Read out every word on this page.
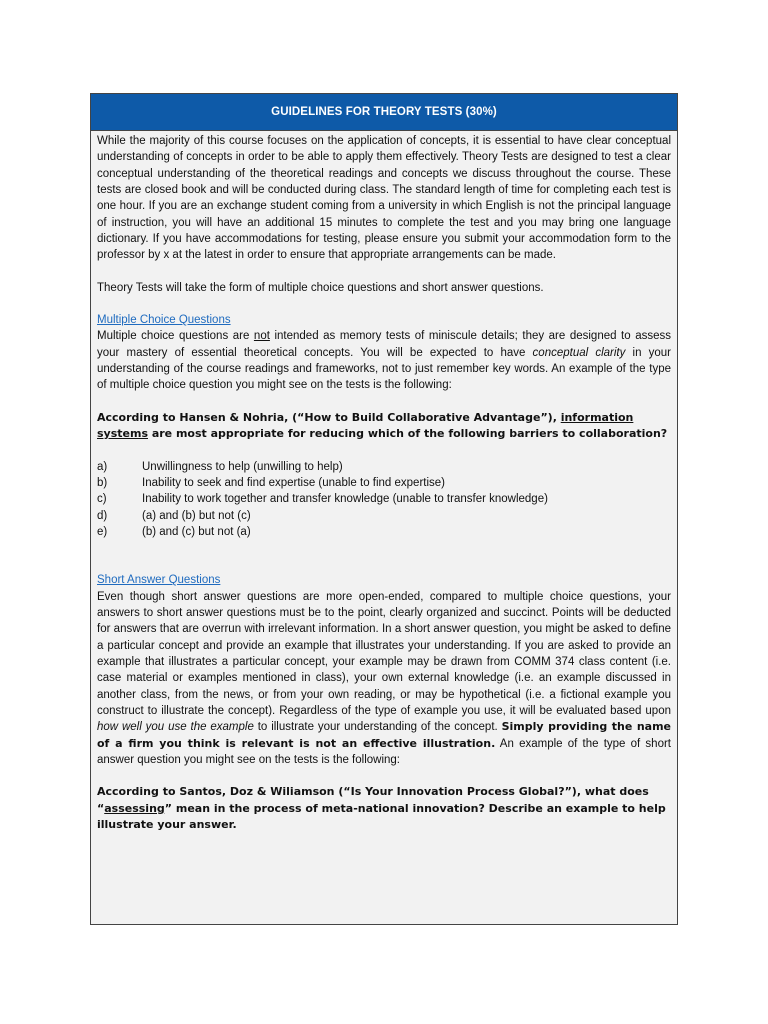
GUIDELINES FOR THEORY TESTS (30%)

While the majority of this course focuses on the application of concepts, it is essential to have clear conceptual understanding of concepts in order to be able to apply them effectively. Theory Tests are designed to test a clear conceptual understanding of the theoretical readings and concepts we discuss throughout the course. These tests are closed book and will be conducted during class. The standard length of time for completing each test is one hour. If you are an exchange student coming from a university in which English is not the principal language of instruction, you will have an additional 15 minutes to complete the test and you may bring one language dictionary. If you have accommodations for testing, please ensure you submit your accommodation form to the professor by x at the latest in order to ensure that appropriate arrangements can be made.

Theory Tests will take the form of multiple choice questions and short answer questions.

Multiple Choice Questions

Multiple choice questions are not intended as memory tests of miniscule details; they are designed to assess your mastery of essential theoretical concepts. You will be expected to have conceptual clarity in your understanding of the course readings and frameworks, not to just remember key words. An example of the type of multiple choice question you might see on the tests is the following:

According to Hansen & Nohria, (“How to Build Collaborative Advantage”), information systems are most appropriate for reducing which of the following barriers to collaboration?

a)	Unwillingness to help (unwilling to help)
b)	Inability to seek and find expertise (unable to find expertise)
c)	Inability to work together and transfer knowledge (unable to transfer knowledge)
d)	(a) and (b) but not (c)
e)	(b) and (c) but not (a)
Short Answer Questions

Even though short answer questions are more open-ended, compared to multiple choice questions, your answers to short answer questions must be to the point, clearly organized and succinct. Points will be deducted for answers that are overrun with irrelevant information. In a short answer question, you might be asked to define a particular concept and provide an example that illustrates your understanding. If you are asked to provide an example that illustrates a particular concept, your example may be drawn from COMM 374 class content (i.e. case material or examples mentioned in class), your own external knowledge (i.e. an example discussed in another class, from the news, or from your own reading, or may be hypothetical (i.e. a fictional example you construct to illustrate the concept). Regardless of the type of example you use, it will be evaluated based upon how well you use the example to illustrate your understanding of the concept. Simply providing the name of a firm you think is relevant is not an effective illustration. An example of the type of short answer question you might see on the tests is the following:

According to Santos, Doz & Wiliamson (“Is Your Innovation Process Global?”), what does “assessing” mean in the process of meta-national innovation? Describe an example to help illustrate your answer.
